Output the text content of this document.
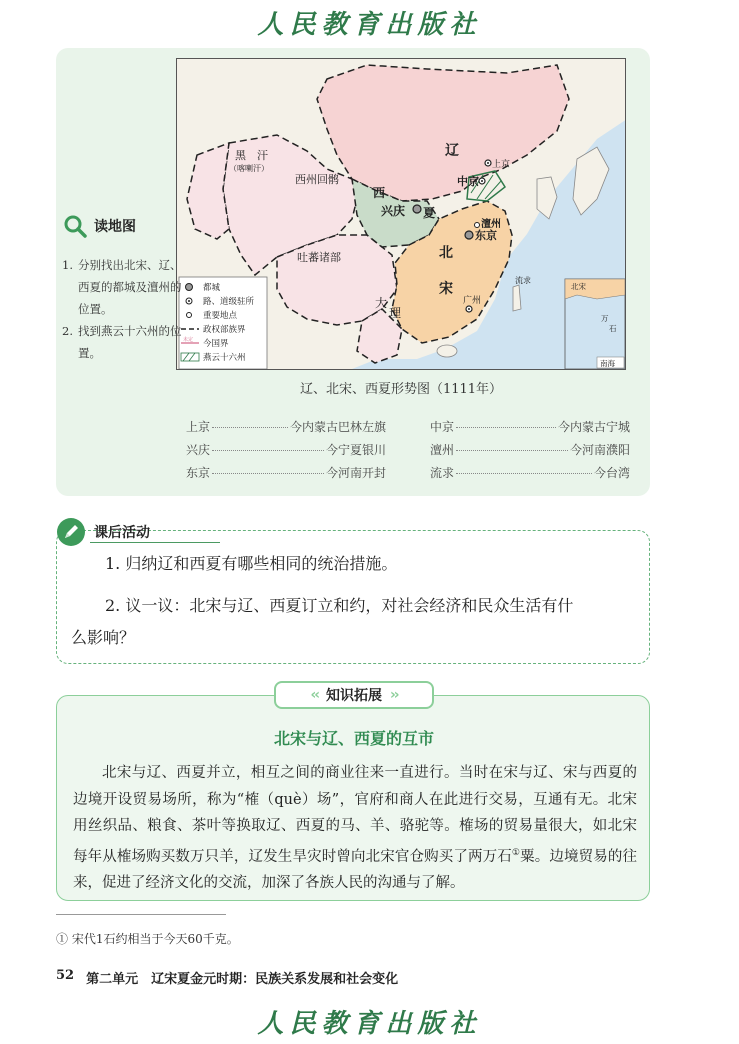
人民教育出版社
辽
上京
中京
黑　汗
（喀喇汗）
西州回鹘
西
兴庆 夏
吐蕃诸部	北
宋
澶州
东京
广州
大
理
流求
都城
路、道级驻所
重要地点
政权部族界
未定 今国界
燕云十六州
北宋
万
石
南海
读地图
1. 分别找出北宋、辽、西夏的都城及澶州的位置。
2. 找到燕云十六州的位置。
辽、北宋、西夏形势图（1111年）
上京	今内蒙古巴林左旗	中京	今内蒙古宁城
兴庆	今宁夏银川	澶州	今河南濮阳
东京	今河南开封	流求	今台湾

1. 归纳辽和西夏有哪些相同的统治措施。

2. 议一议：北宋与辽、西夏订立和约，对社会经济和民众生活有什

么影响？
课后活动
北宋与辽、西夏的互市
北宋与辽、西夏并立，相互之间的商业往来一直进行。当时在宋与辽、宋与西夏的边境开设贸易场所，称为“榷（què）场”，官府和商人在此进行交易，互通有无。北宋用丝织品、粮食、茶叶等换取辽、西夏的马、羊、骆驼等。榷场的贸易量很大，如北宋每年从榷场购买数万只羊，辽发生旱灾时曾向北宋官仓购买了两万石①粟。边境贸易的往来，促进了经济文化的交流，加深了各族人民的沟通与了解。
‹‹ 知识拓展 ››
① 宋代1石约相当于今天60千克。
52 第二单元　辽宋夏金元时期：民族关系发展和社会变化
人民教育出版社
